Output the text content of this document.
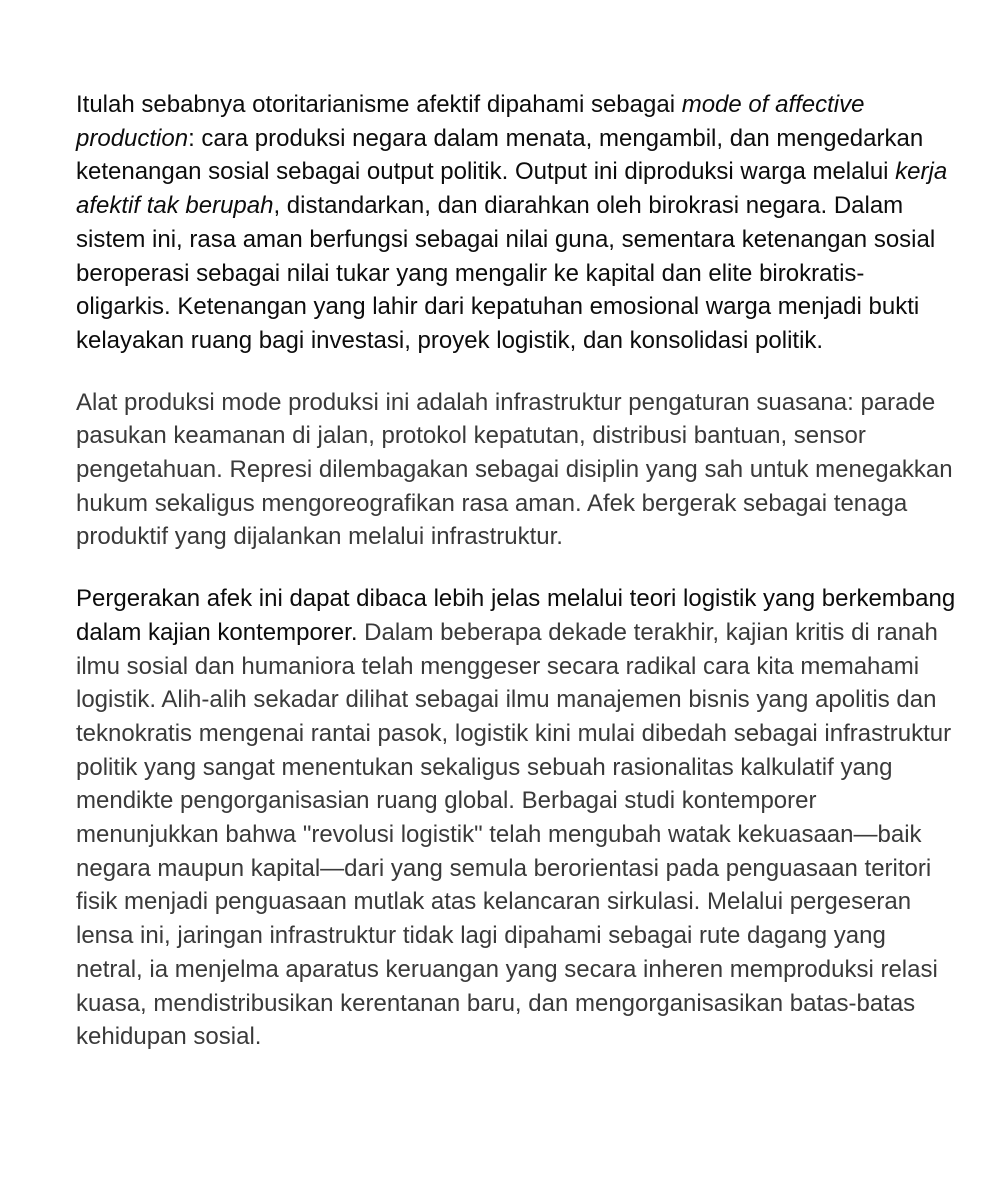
Itulah sebabnya otoritarianisme afektif dipahami sebagai mode of affective production: cara produksi negara dalam menata, mengambil, dan mengedarkan ketenangan sosial sebagai output politik. Output ini diproduksi warga melalui kerja afektif tak berupah, distandarkan, dan diarahkan oleh birokrasi negara. Dalam sistem ini, rasa aman berfungsi sebagai nilai guna, sementara ketenangan sosial beroperasi sebagai nilai tukar yang mengalir ke kapital dan elite birokratis-oligarkis. Ketenangan yang lahir dari kepatuhan emosional warga menjadi bukti kelayakan ruang bagi investasi, proyek logistik, dan konsolidasi politik.

Alat produksi mode produksi ini adalah infrastruktur pengaturan suasana: parade pasukan keamanan di jalan, protokol kepatutan, distribusi bantuan, sensor pengetahuan. Represi dilembagakan sebagai disiplin yang sah untuk menegakkan hukum sekaligus mengoreografikan rasa aman. Afek bergerak sebagai tenaga produktif yang dijalankan melalui infrastruktur.

Pergerakan afek ini dapat dibaca lebih jelas melalui teori logistik yang berkembang dalam kajian kontemporer. Dalam beberapa dekade terakhir, kajian kritis di ranah ilmu sosial dan humaniora telah menggeser secara radikal cara kita memahami logistik. Alih-alih sekadar dilihat sebagai ilmu manajemen bisnis yang apolitis dan teknokratis mengenai rantai pasok, logistik kini mulai dibedah sebagai infrastruktur politik yang sangat menentukan sekaligus sebuah rasionalitas kalkulatif yang mendikte pengorganisasian ruang global. Berbagai studi kontemporer menunjukkan bahwa "revolusi logistik" telah mengubah watak kekuasaan—baik negara maupun kapital—dari yang semula berorientasi pada penguasaan teritori fisik menjadi penguasaan mutlak atas kelancaran sirkulasi. Melalui pergeseran lensa ini, jaringan infrastruktur tidak lagi dipahami sebagai rute dagang yang netral, ia menjelma aparatus keruangan yang secara inheren memproduksi relasi kuasa, mendistribusikan kerentanan baru, dan mengorganisasikan batas-batas kehidupan sosial.
